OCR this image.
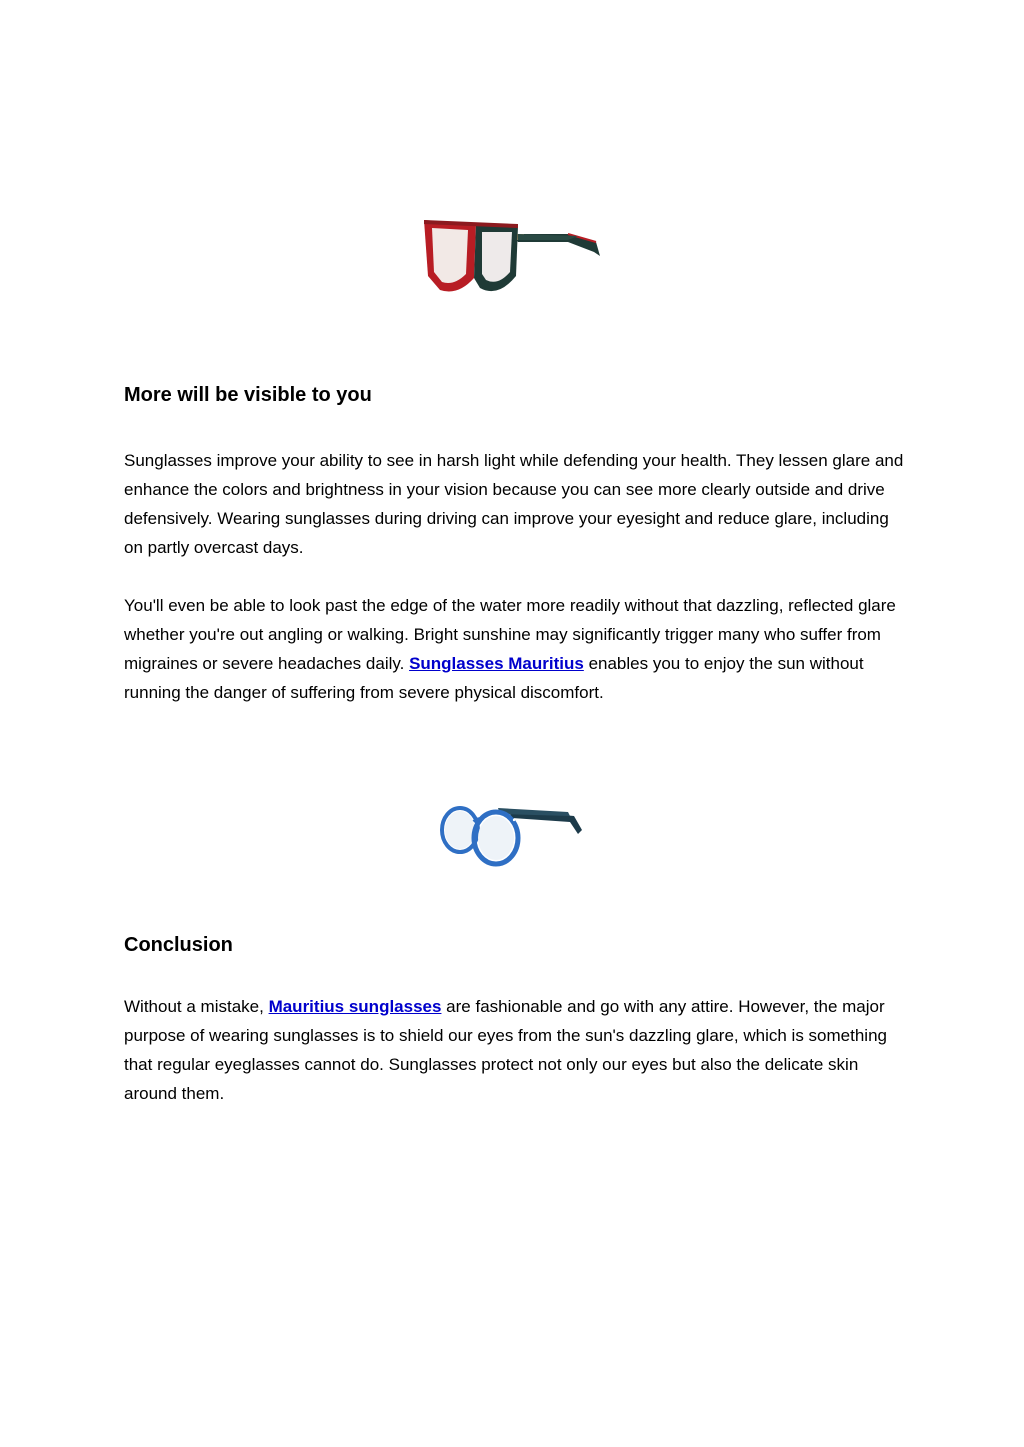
More will be visible to you

Sunglasses improve your ability to see in harsh light while defending your health. They lessen glare and enhance the colors and brightness in your vision because you can see more clearly outside and drive defensively. Wearing sunglasses during driving can improve your eyesight and reduce glare, including on partly overcast days.

You'll even be able to look past the edge of the water more readily without that dazzling, reflected glare whether you're out angling or walking. Bright sunshine may significantly trigger many who suffer from migraines or severe headaches daily. Sunglasses Mauritius enables you to enjoy the sun without running the danger of suffering from severe physical discomfort.

Conclusion

Without a mistake, Mauritius sunglasses are fashionable and go with any attire. However, the major purpose of wearing sunglasses is to shield our eyes from the sun's dazzling glare, which is something that regular eyeglasses cannot do. Sunglasses protect not only our eyes but also the delicate skin around them.
